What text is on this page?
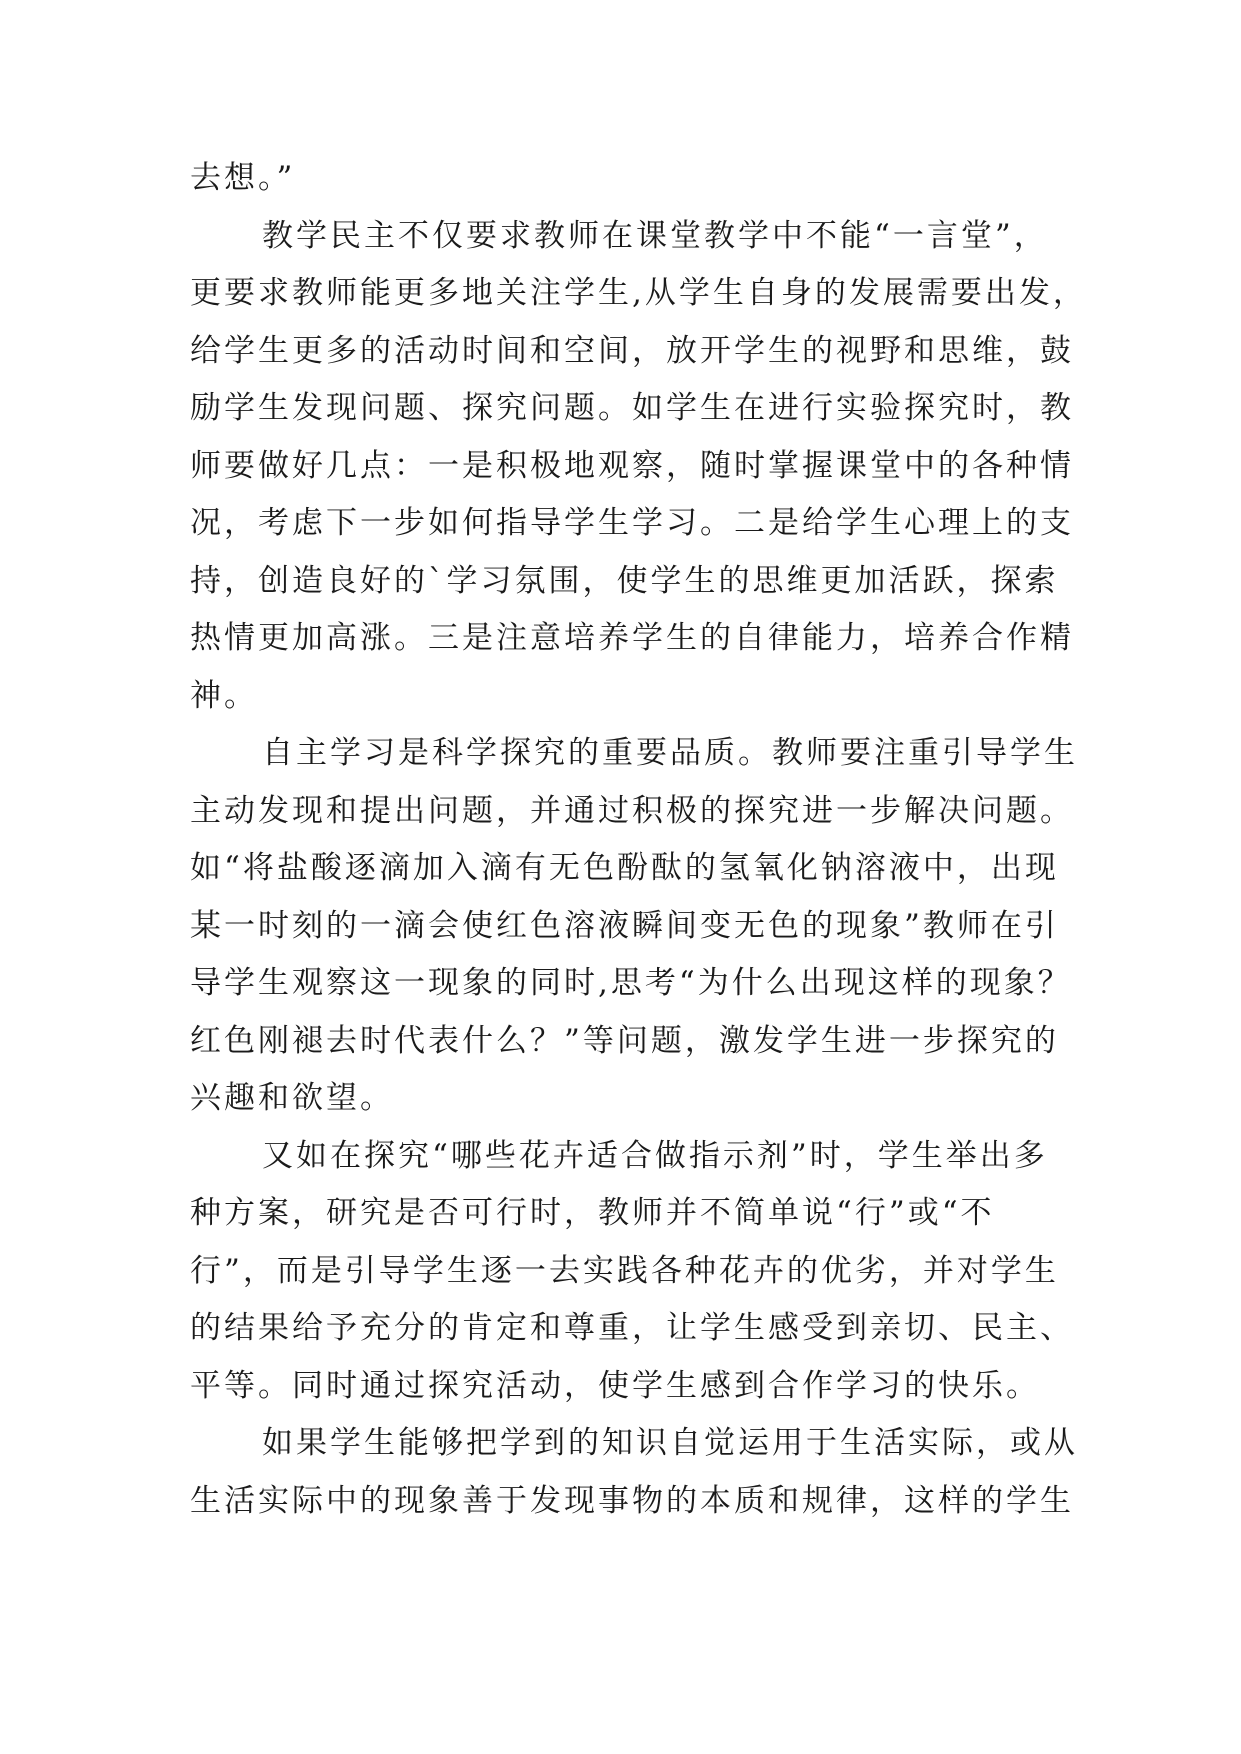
去想。”
教学民主不仅要求教师在课堂教学中不能“一言堂”，
更要求教师能更多地关注学生,从学生自身的发展需要出发，
给学生更多的活动时间和空间，放开学生的视野和思维，鼓
励学生发现问题、探究问题。如学生在进行实验探究时，教
师要做好几点：一是积极地观察，随时掌握课堂中的各种情
况，考虑下一步如何指导学生学习。二是给学生心理上的支
持，创造良好的`学习氛围，使学生的思维更加活跃，探索
热情更加高涨。三是注意培养学生的自律能力，培养合作精
神。
自主学习是科学探究的重要品质。教师要注重引导学生
主动发现和提出问题，并通过积极的探究进一步解决问题。
如“将盐酸逐滴加入滴有无色酚酞的氢氧化钠溶液中，出现
某一时刻的一滴会使红色溶液瞬间变无色的现象”教师在引
导学生观察这一现象的同时,思考“为什么出现这样的现象？
红色刚褪去时代表什么？”等问题，激发学生进一步探究的
兴趣和欲望。
又如在探究“哪些花卉适合做指示剂”时，学生举出多
种方案，研究是否可行时，教师并不简单说“行”或“不
行”，而是引导学生逐一去实践各种花卉的优劣，并对学生
的结果给予充分的肯定和尊重，让学生感受到亲切、民主、
平等。同时通过探究活动，使学生感到合作学习的快乐。
如果学生能够把学到的知识自觉运用于生活实际，或从
生活实际中的现象善于发现事物的本质和规律，这样的学生
